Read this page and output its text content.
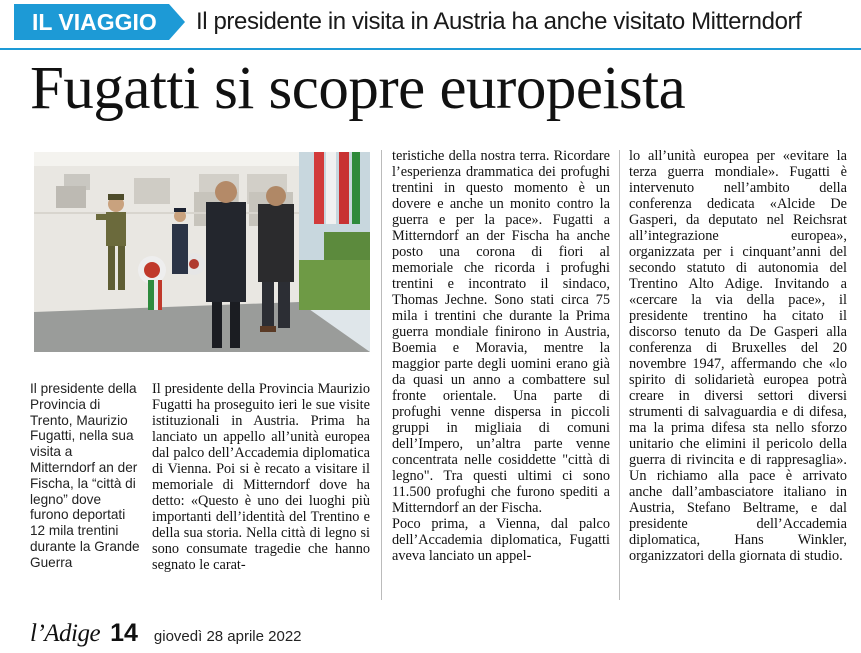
IL VIAGGIO	Il presidente in visita in Austria ha anche visitato Mitterndorf
Fugatti si scopre europeista
Il presidente della Provincia di Trento, Maurizio Fugatti, nella sua visita a Mitterndorf an der Fischa, la “città di legno” dove furono deportati 12 mila trentini durante la Grande Guerra

Il presidente della Provincia Maurizio Fugatti ha proseguito ieri le sue visite istituzionali in Austria. Prima ha lanciato un appello all’unità europea dal palco dell’Accademia diplomatica di Vienna. Poi si è recato a visitare il memoriale di Mitterndorf dove ha detto: «Questo è uno dei luoghi più importanti dell’identità del Trentino e della sua storia. Nella città di legno si sono consumate tragedie che hanno segnato le carat-

teristiche della nostra terra. Ricordare l’esperienza drammatica dei profughi trentini in questo momento è un dovere e anche un monito contro la guerra e per la pace». Fugatti a Mitterndorf an der Fischa ha anche posto una corona di fiori al memoriale che ricorda i profughi trentini e incontrato il sindaco, Thomas Jechne. Sono stati circa 75 mila i trentini che durante la Prima guerra mondiale finirono in Austria, Boemia e Moravia, mentre la maggior parte degli uomini erano già da quasi un anno a combattere sul fronte orientale. Una parte di profughi venne dispersa in piccoli gruppi in migliaia di comuni dell’Impero, un’altra parte venne concentrata nelle cosiddette "città di legno". Tra questi ultimi ci sono 11.500 profughi che furono spediti a Mitterndorf an der Fischa.

Poco prima, a Vienna, dal palco dell’Accademia diplomatica, Fugatti aveva lanciato un appel-

lo all’unità europea per «evitare la terza guerra mondiale». Fugatti è intervenuto nell’ambito della conferenza dedicata «Alcide De Gasperi, da deputato nel Reichsrat all’integrazione europea», organizzata per i cinquant’anni del secondo statuto di autonomia del Trentino Alto Adige. Invitando a «cercare la via della pace», il presidente trentino ha citato il discorso tenuto da De Gasperi alla conferenza di Bruxelles del 20 novembre 1947, affermando che «lo spirito di solidarietà europea potrà creare in diversi settori diversi strumenti di salvaguardia e di difesa, ma la prima difesa sta nello sforzo unitario che elimini il pericolo della guerra di rivincita e di rappresaglia». Un richiamo alla pace è arrivato anche dall’ambasciatore italiano in Austria, Stefano Beltrame, e dal presidente dell’Accademia diplomatica, Hans Winkler, organizzatori della giornata di studio.

l’Adige 14 giovedì 28 aprile 2022
